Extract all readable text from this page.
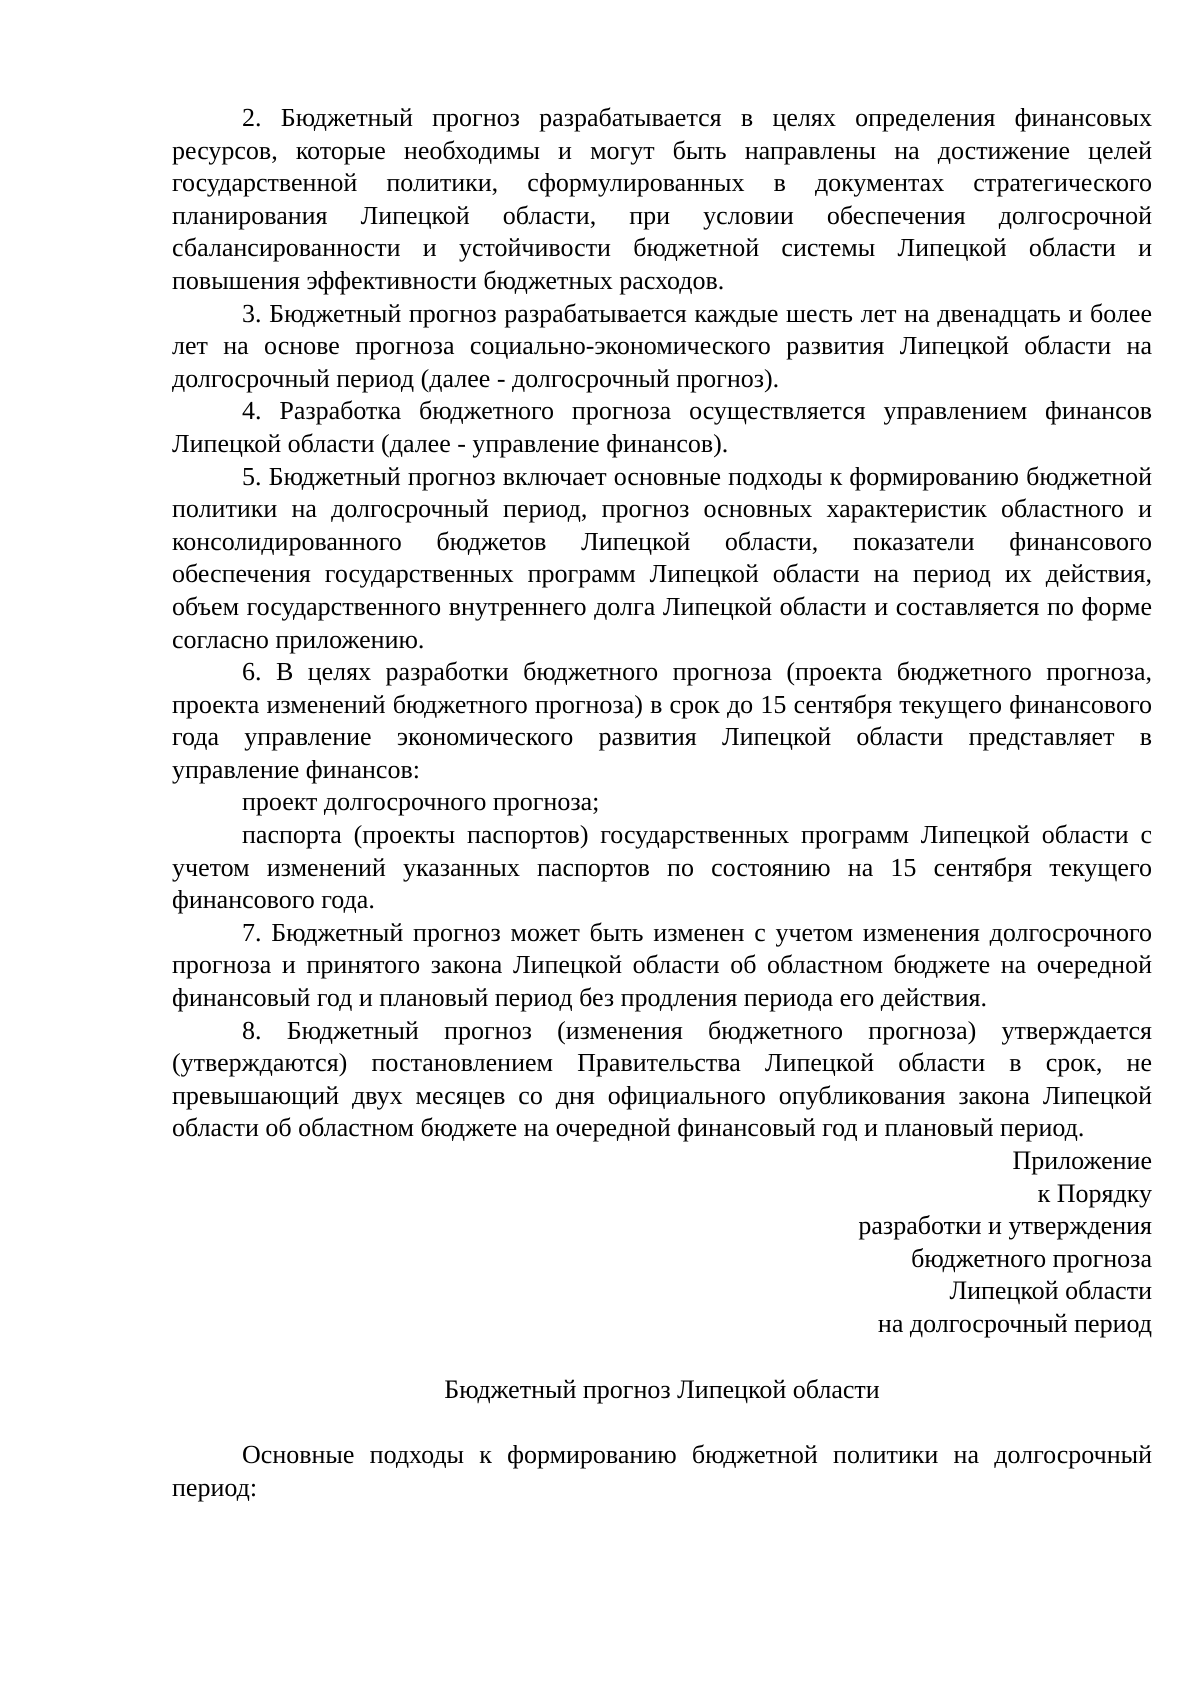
2. Бюджетный прогноз разрабатывается в целях определения финансовых ресурсов, которые необходимы и могут быть направлены на достижение целей государственной политики, сформулированных в документах стратегического планирования Липецкой области, при условии обеспечения долгосрочной сбалансированности и устойчивости бюджетной системы Липецкой области и повышения эффективности бюджетных расходов.

3. Бюджетный прогноз разрабатывается каждые шесть лет на двенадцать и более лет на основе прогноза социально-экономического развития Липецкой области на долгосрочный период (далее - долгосрочный прогноз).

4. Разработка бюджетного прогноза осуществляется управлением финансов Липецкой области (далее - управление финансов).

5. Бюджетный прогноз включает основные подходы к формированию бюджетной политики на долгосрочный период, прогноз основных характеристик областного и консолидированного бюджетов Липецкой области, показатели финансового обеспечения государственных программ Липецкой области на период их действия, объем государственного внутреннего долга Липецкой области и составляется по форме согласно приложению.

6. В целях разработки бюджетного прогноза (проекта бюджетного прогноза, проекта изменений бюджетного прогноза) в срок до 15 сентября текущего финансового года управление экономического развития Липецкой области представляет в управление финансов:

проект долгосрочного прогноза;

паспорта (проекты паспортов) государственных программ Липецкой области с учетом изменений указанных паспортов по состоянию на 15 сентября текущего финансового года.

7. Бюджетный прогноз может быть изменен с учетом изменения долгосрочного прогноза и принятого закона Липецкой области об областном бюджете на очередной финансовый год и плановый период без продления периода его действия.

8. Бюджетный прогноз (изменения бюджетного прогноза) утверждается (утверждаются) постановлением Правительства Липецкой области в срок, не превышающий двух месяцев со дня официального опубликования закона Липецкой области об областном бюджете на очередной финансовый год и плановый период.

Приложение
к Порядку
разработки и утверждения
бюджетного прогноза
Липецкой области
на долгосрочный период

Бюджетный прогноз Липецкой области

Основные подходы к формированию бюджетной политики на долгосрочный период:
